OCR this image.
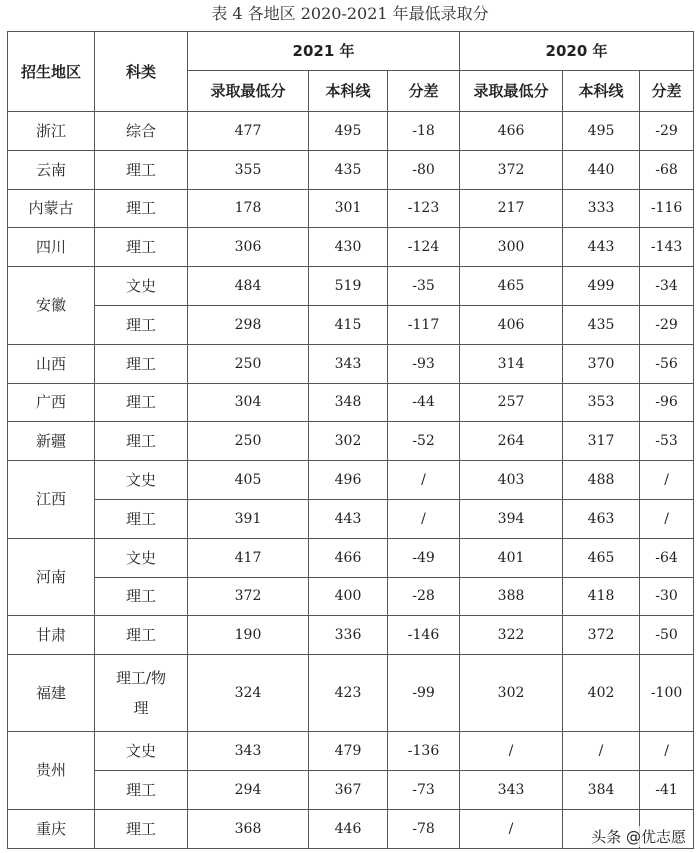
表 4 各地区 2020-2021 年最低录取分
招生地区	科类	2021 年			2020 年		
		录取最低分	本科线	分差	录取最低分	本科线	分差
浙江	综合	477	495	-18	466	495	-29
云南	理工	355	435	-80	372	440	-68
内蒙古	理工	178	301	-123	217	333	-116
四川	理工	306	430	-124	300	443	-143
安徽	文史	484	519	-35	465	499	-34
	理工	298	415	-117	406	435	-29
山西	理工	250	343	-93	314	370	-56
广西	理工	304	348	-44	257	353	-96
新疆	理工	250	302	-52	264	317	-53
江西	文史	405	496	/	403	488	/
	理工	391	443	/	394	463	/
河南	文史	417	466	-49	401	465	-64
	理工	372	400	-28	388	418	-30
甘肃	理工	190	336	-146	322	372	-50
福建	理工/物理	324	423	-99	302	402	-100
贵州	文史	343	479	-136	/	/	/
	理工	294	367	-73	343	384	-41
重庆	理工	368	446	-78	/			头条 @优志愿
